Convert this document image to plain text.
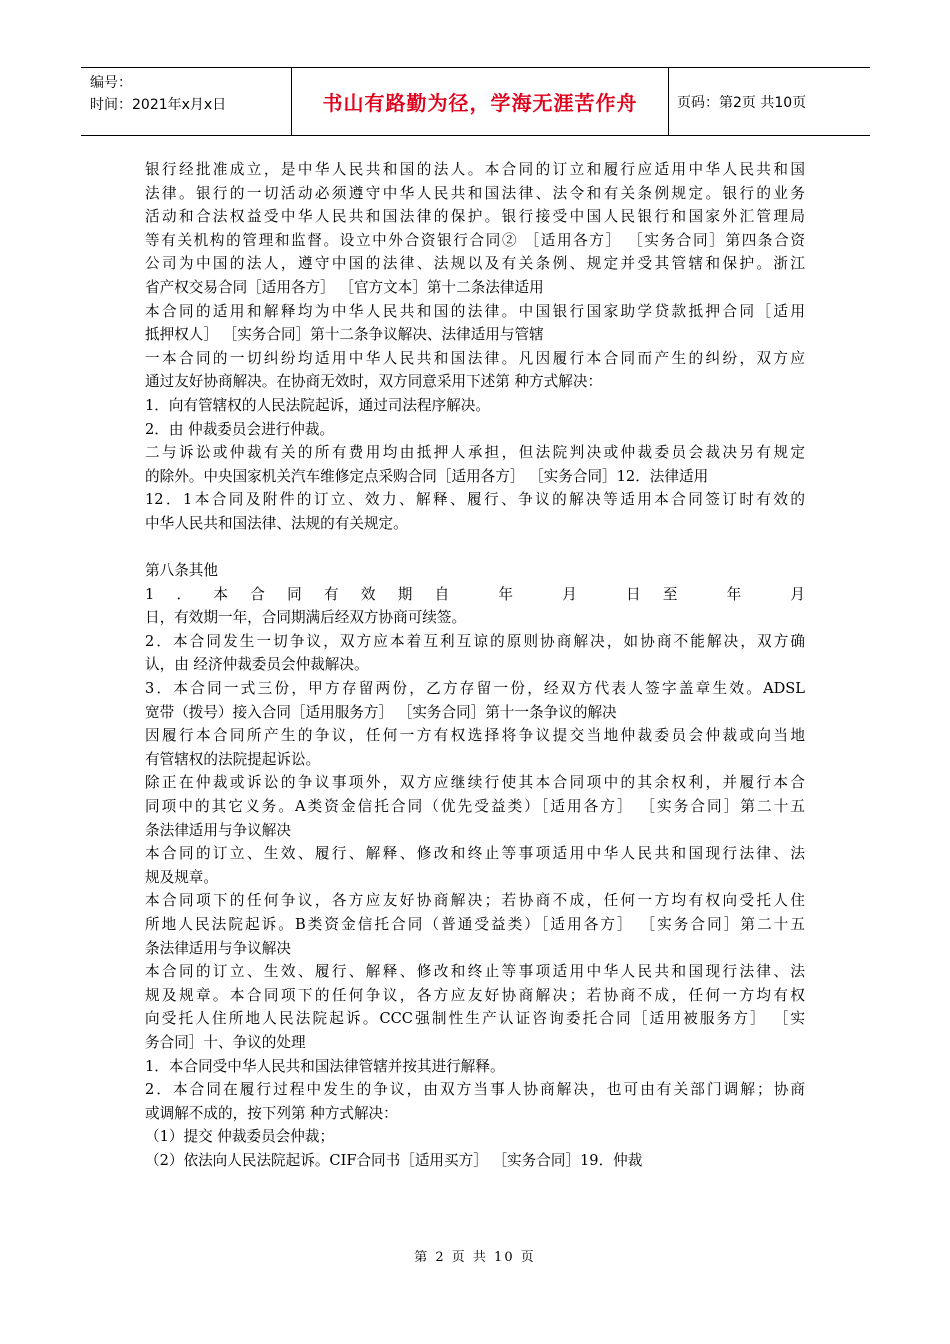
编号：
时间：2021年x月x日	书山有路勤为径，学海无涯苦作舟	页码：第2页 共10页
银行经批准成立，是中华人民共和国的法人。本合同的订立和履行应适用中华人民共和国
法律。银行的一切活动必须遵守中华人民共和国法律、法令和有关条例规定。银行的业务
活动和合法权益受中华人民共和国法律的保护。银行接受中国人民银行和国家外汇管理局
等有关机构的管理和监督。设立中外合资银行合同② ［适用各方］ ［实务合同］第四条合资
公司为中国的法人，遵守中国的法律、法规以及有关条例、规定并受其管辖和保护。浙江
省产权交易合同［适用各方］ ［官方文本］第十二条法律适用
本合同的适用和解释均为中华人民共和国的法律。中国银行国家助学贷款抵押合同［适用
抵押权人］ ［实务合同］第十二条争议解决、法律适用与管辖
一本合同的一切纠纷均适用中华人民共和国法律。凡因履行本合同而产生的纠纷，双方应
通过友好协商解决。在协商无效时，双方同意采用下述第 种方式解决：
1．向有管辖权的人民法院起诉，通过司法程序解决。
2．由 仲裁委员会进行仲裁。
二与诉讼或仲裁有关的所有费用均由抵押人承担，但法院判决或仲裁委员会裁决另有规定
的除外。中央国家机关汽车维修定点采购合同［适用各方］ ［实务合同］12．法律适用
12．1本合同及附件的订立、效力、解释、履行、争议的解决等适用本合同签订时有效的
中华人民共和国法律、法规的有关规定。
第八条其他
1．本合同有效期自 年 月 日至 年 月
日，有效期一年，合同期满后经双方协商可续签。
2．本合同发生一切争议，双方应本着互利互谅的原则协商解决，如协商不能解决，双方确
认，由 经济仲裁委员会仲裁解决。
3．本合同一式三份，甲方存留两份，乙方存留一份，经双方代表人签字盖章生效。ADSL
宽带（拨号）接入合同［适用服务方］ ［实务合同］第十一条争议的解决
因履行本合同所产生的争议，任何一方有权选择将争议提交当地仲裁委员会仲裁或向当地
有管辖权的法院提起诉讼。
除正在仲裁或诉讼的争议事项外，双方应继续行使其本合同项中的其余权利，并履行本合
同项中的其它义务。A类资金信托合同（优先受益类）［适用各方］ ［实务合同］第二十五
条法律适用与争议解决
本合同的订立、生效、履行、解释、修改和终止等事项适用中华人民共和国现行法律、法
规及规章。
本合同项下的任何争议，各方应友好协商解决；若协商不成，任何一方均有权向受托人住
所地人民法院起诉。B类资金信托合同（普通受益类）［适用各方］ ［实务合同］第二十五
条法律适用与争议解决
本合同的订立、生效、履行、解释、修改和终止等事项适用中华人民共和国现行法律、法
规及规章。本合同项下的任何争议，各方应友好协商解决；若协商不成，任何一方均有权
向受托人住所地人民法院起诉。CCC强制性生产认证咨询委托合同［适用被服务方］ ［实
务合同］十、争议的处理
1．本合同受中华人民共和国法律管辖并按其进行解释。
2．本合同在履行过程中发生的争议，由双方当事人协商解决，也可由有关部门调解；协商
或调解不成的，按下列第 种方式解决：
（1）提交 仲裁委员会仲裁；
（2）依法向人民法院起诉。CIF合同书［适用买方］ ［实务合同］19．仲裁
第 2 页 共 10 页
